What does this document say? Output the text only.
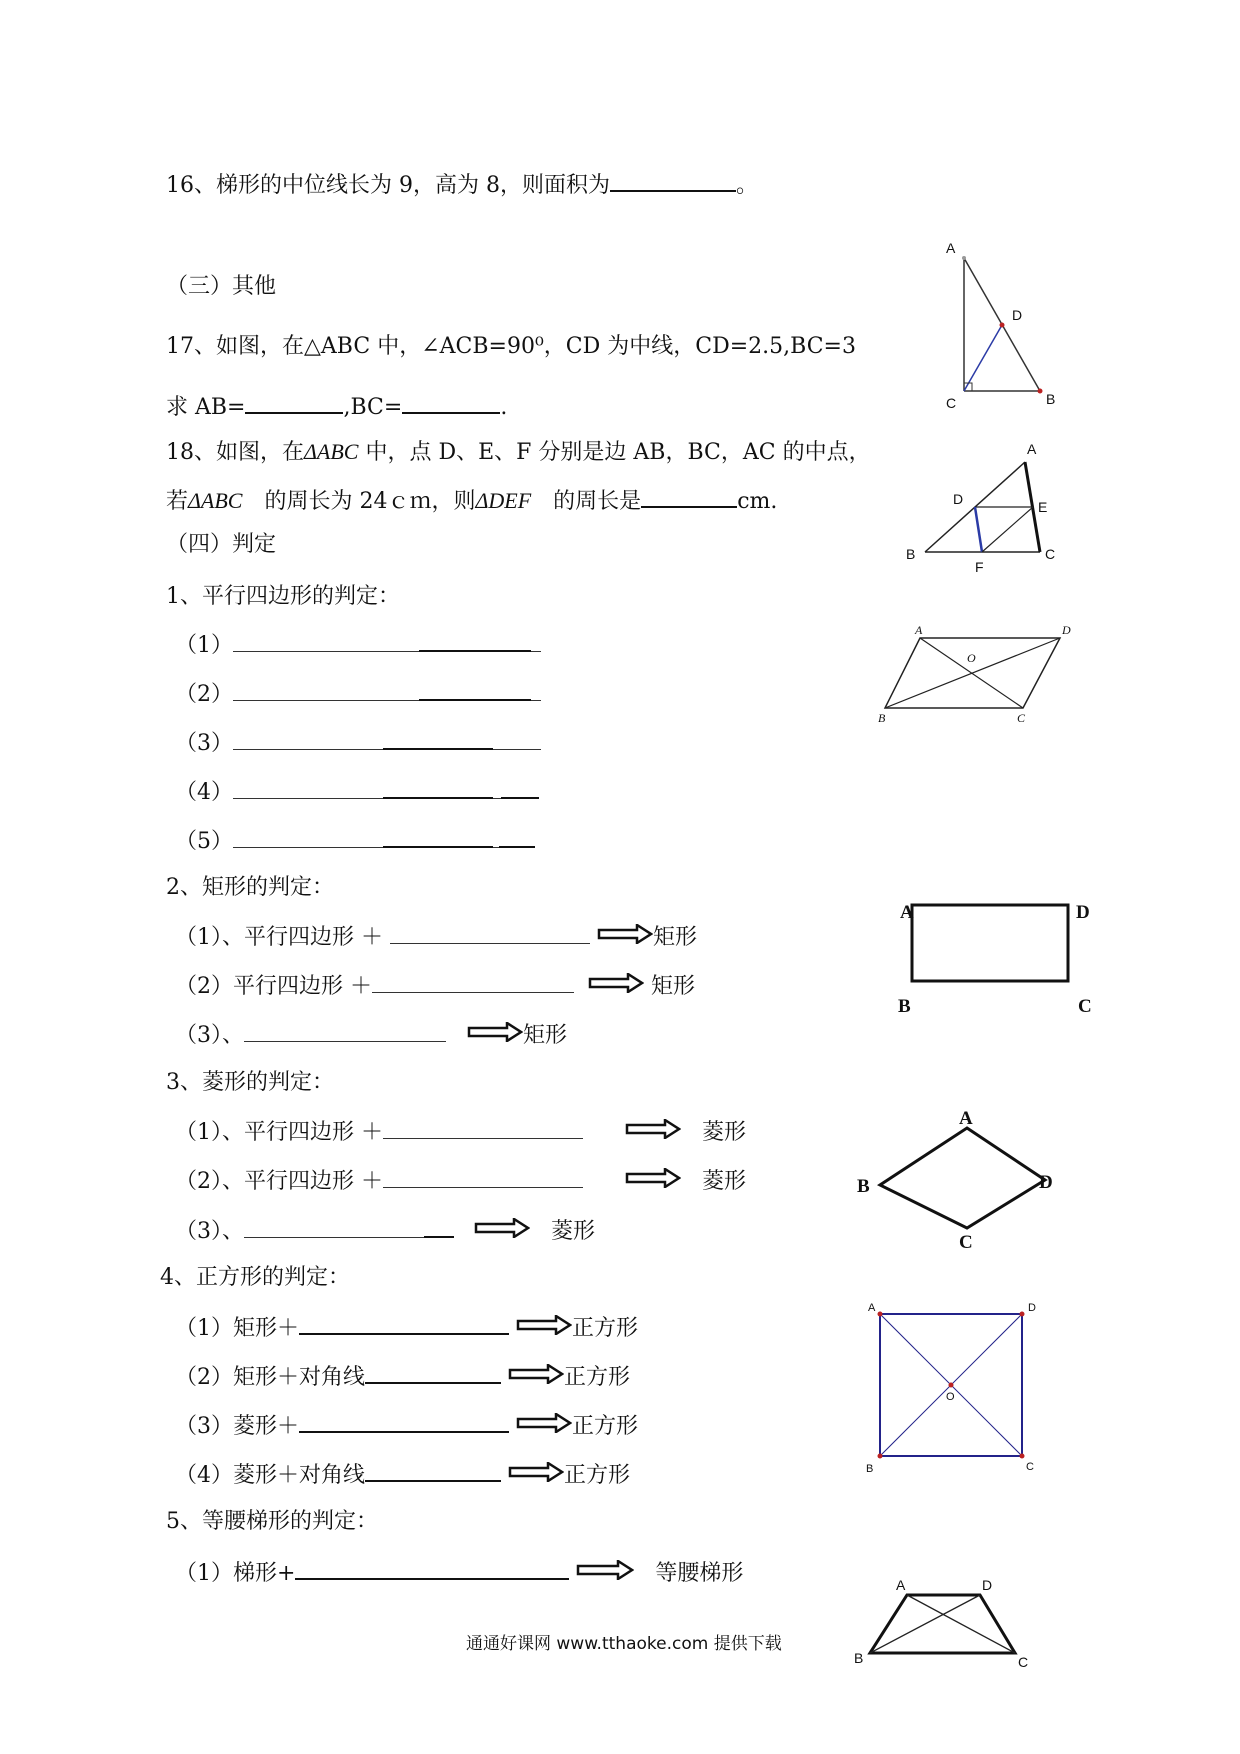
16、梯形的中位线长为 9，高为 8，则面积为	。
（三）其他
17、如图，在△ABC 中，∠ACB=90⁰，CD 为中线，CD=2.5,BC=3
求 AB=	,BC=	.
A
D
C	B
18、如图，在ΔABC 中，点 D、E、F 分别是边 AB，BC，AC 的中点，
若ΔABC　的周长为 24ｃｍ，则ΔDEF　的周长是	cm.
A
D	E
B	C
F
（四）判定
1、平行四边形的判定：
（1）
（2）
（3）
（4）
（5）
A	D
O
B	C
2、矩形的判定：
（1）、平行四边形 ＋	矩形
（2）平行四边形 ＋	矩形
（3）、	矩形
A	D
B	C
3、菱形的判定：
（1）、平行四边形 ＋	菱形
（2）、平行四边形 ＋	菱形
（3）、	菱形
A
B	D
C
4、正方形的判定：
（1）矩形＋	正方形
（2）矩形＋对角线	正方形
（3）菱形＋	正方形
（4）菱形＋对角线	正方形
A	D
O
B	C
5、等腰梯形的判定：
（1）梯形+	等腰梯形	A	D
B	C
通通好课网 www.tthaoke.com 提供下载
